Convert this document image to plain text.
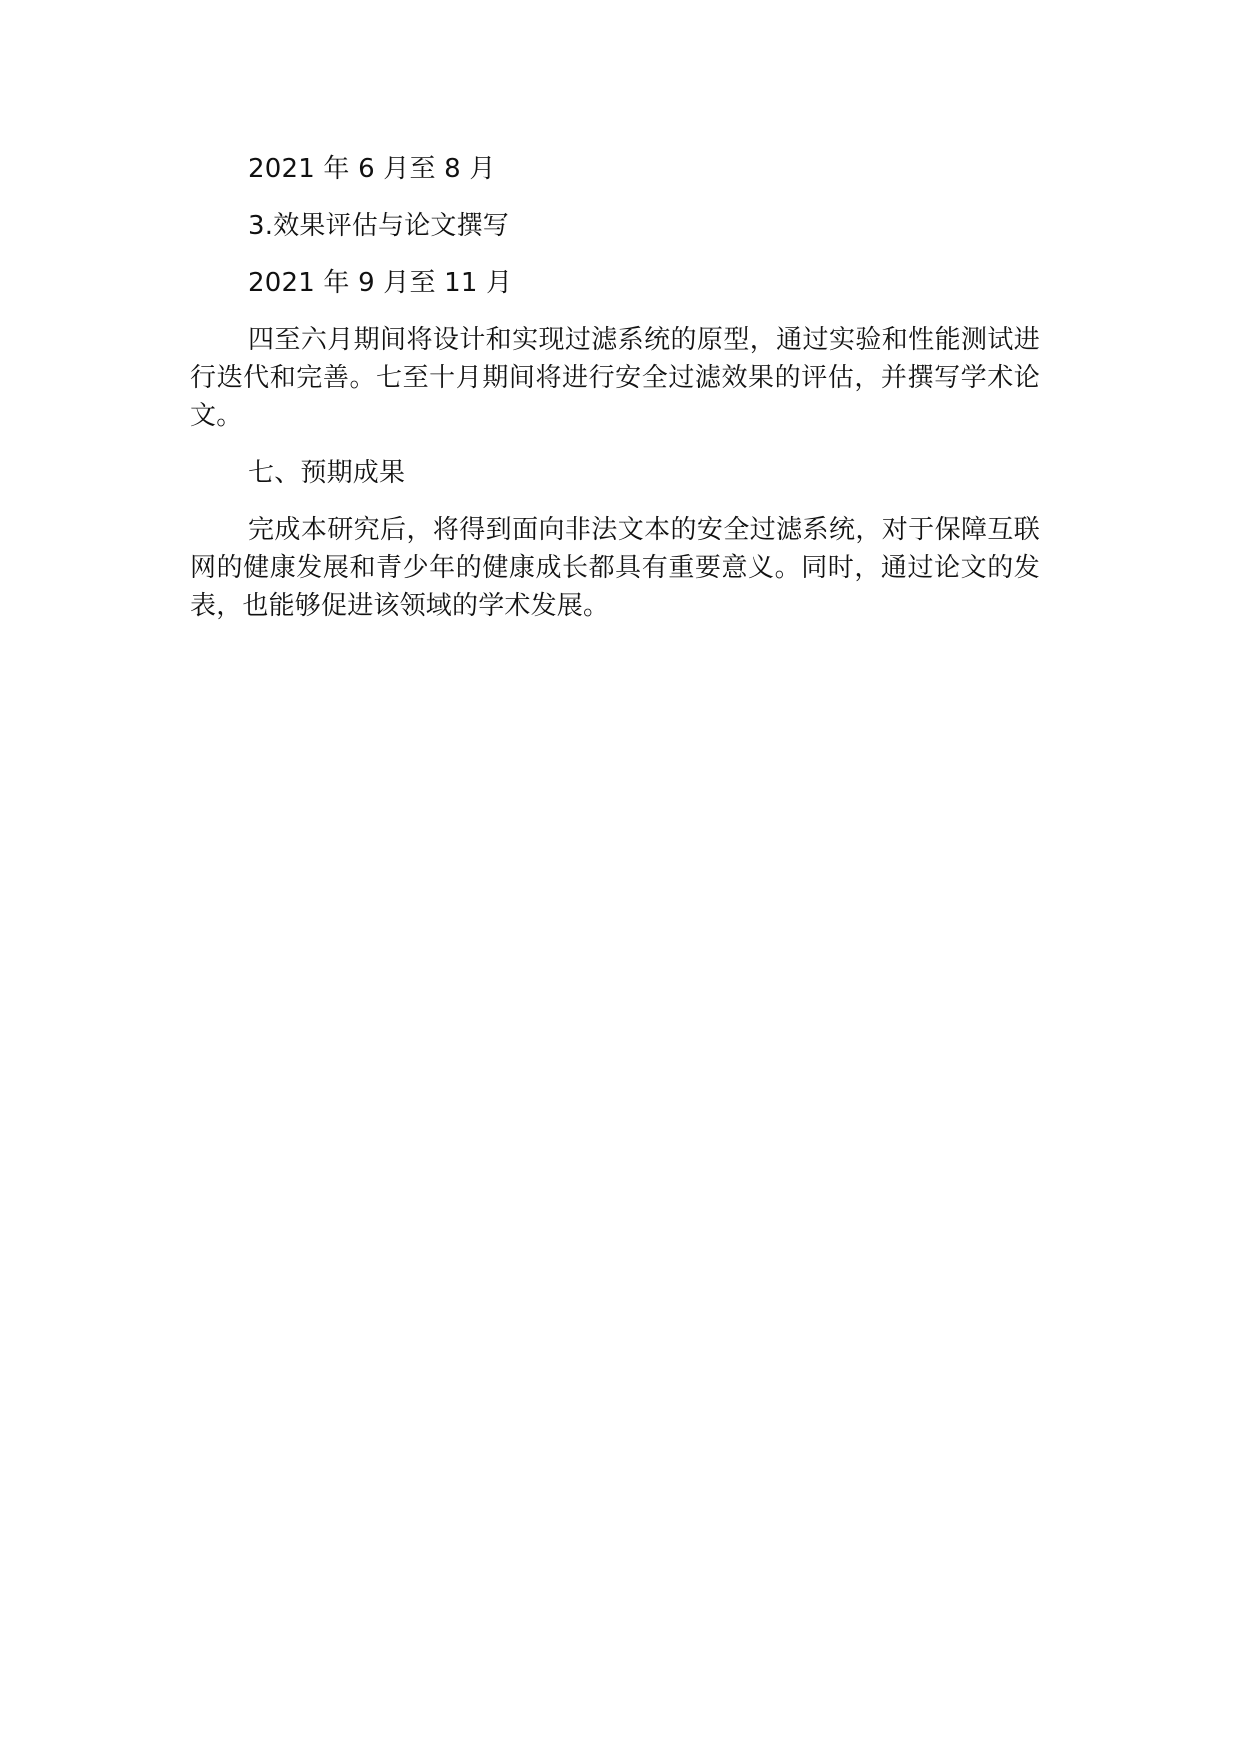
2021 年 6 月至 8 月

3.效果评估与论文撰写

2021 年 9 月至 11 月

四至六月期间将设计和实现过滤系统的原型，通过实验和性能测试进行迭代和完善。七至十月期间将进行安全过滤效果的评估，并撰写学术论文。

七、预期成果

完成本研究后，将得到面向非法文本的安全过滤系统，对于保障互联网的健康发展和青少年的健康成长都具有重要意义。同时，通过论文的发表，也能够促进该领域的学术发展。
